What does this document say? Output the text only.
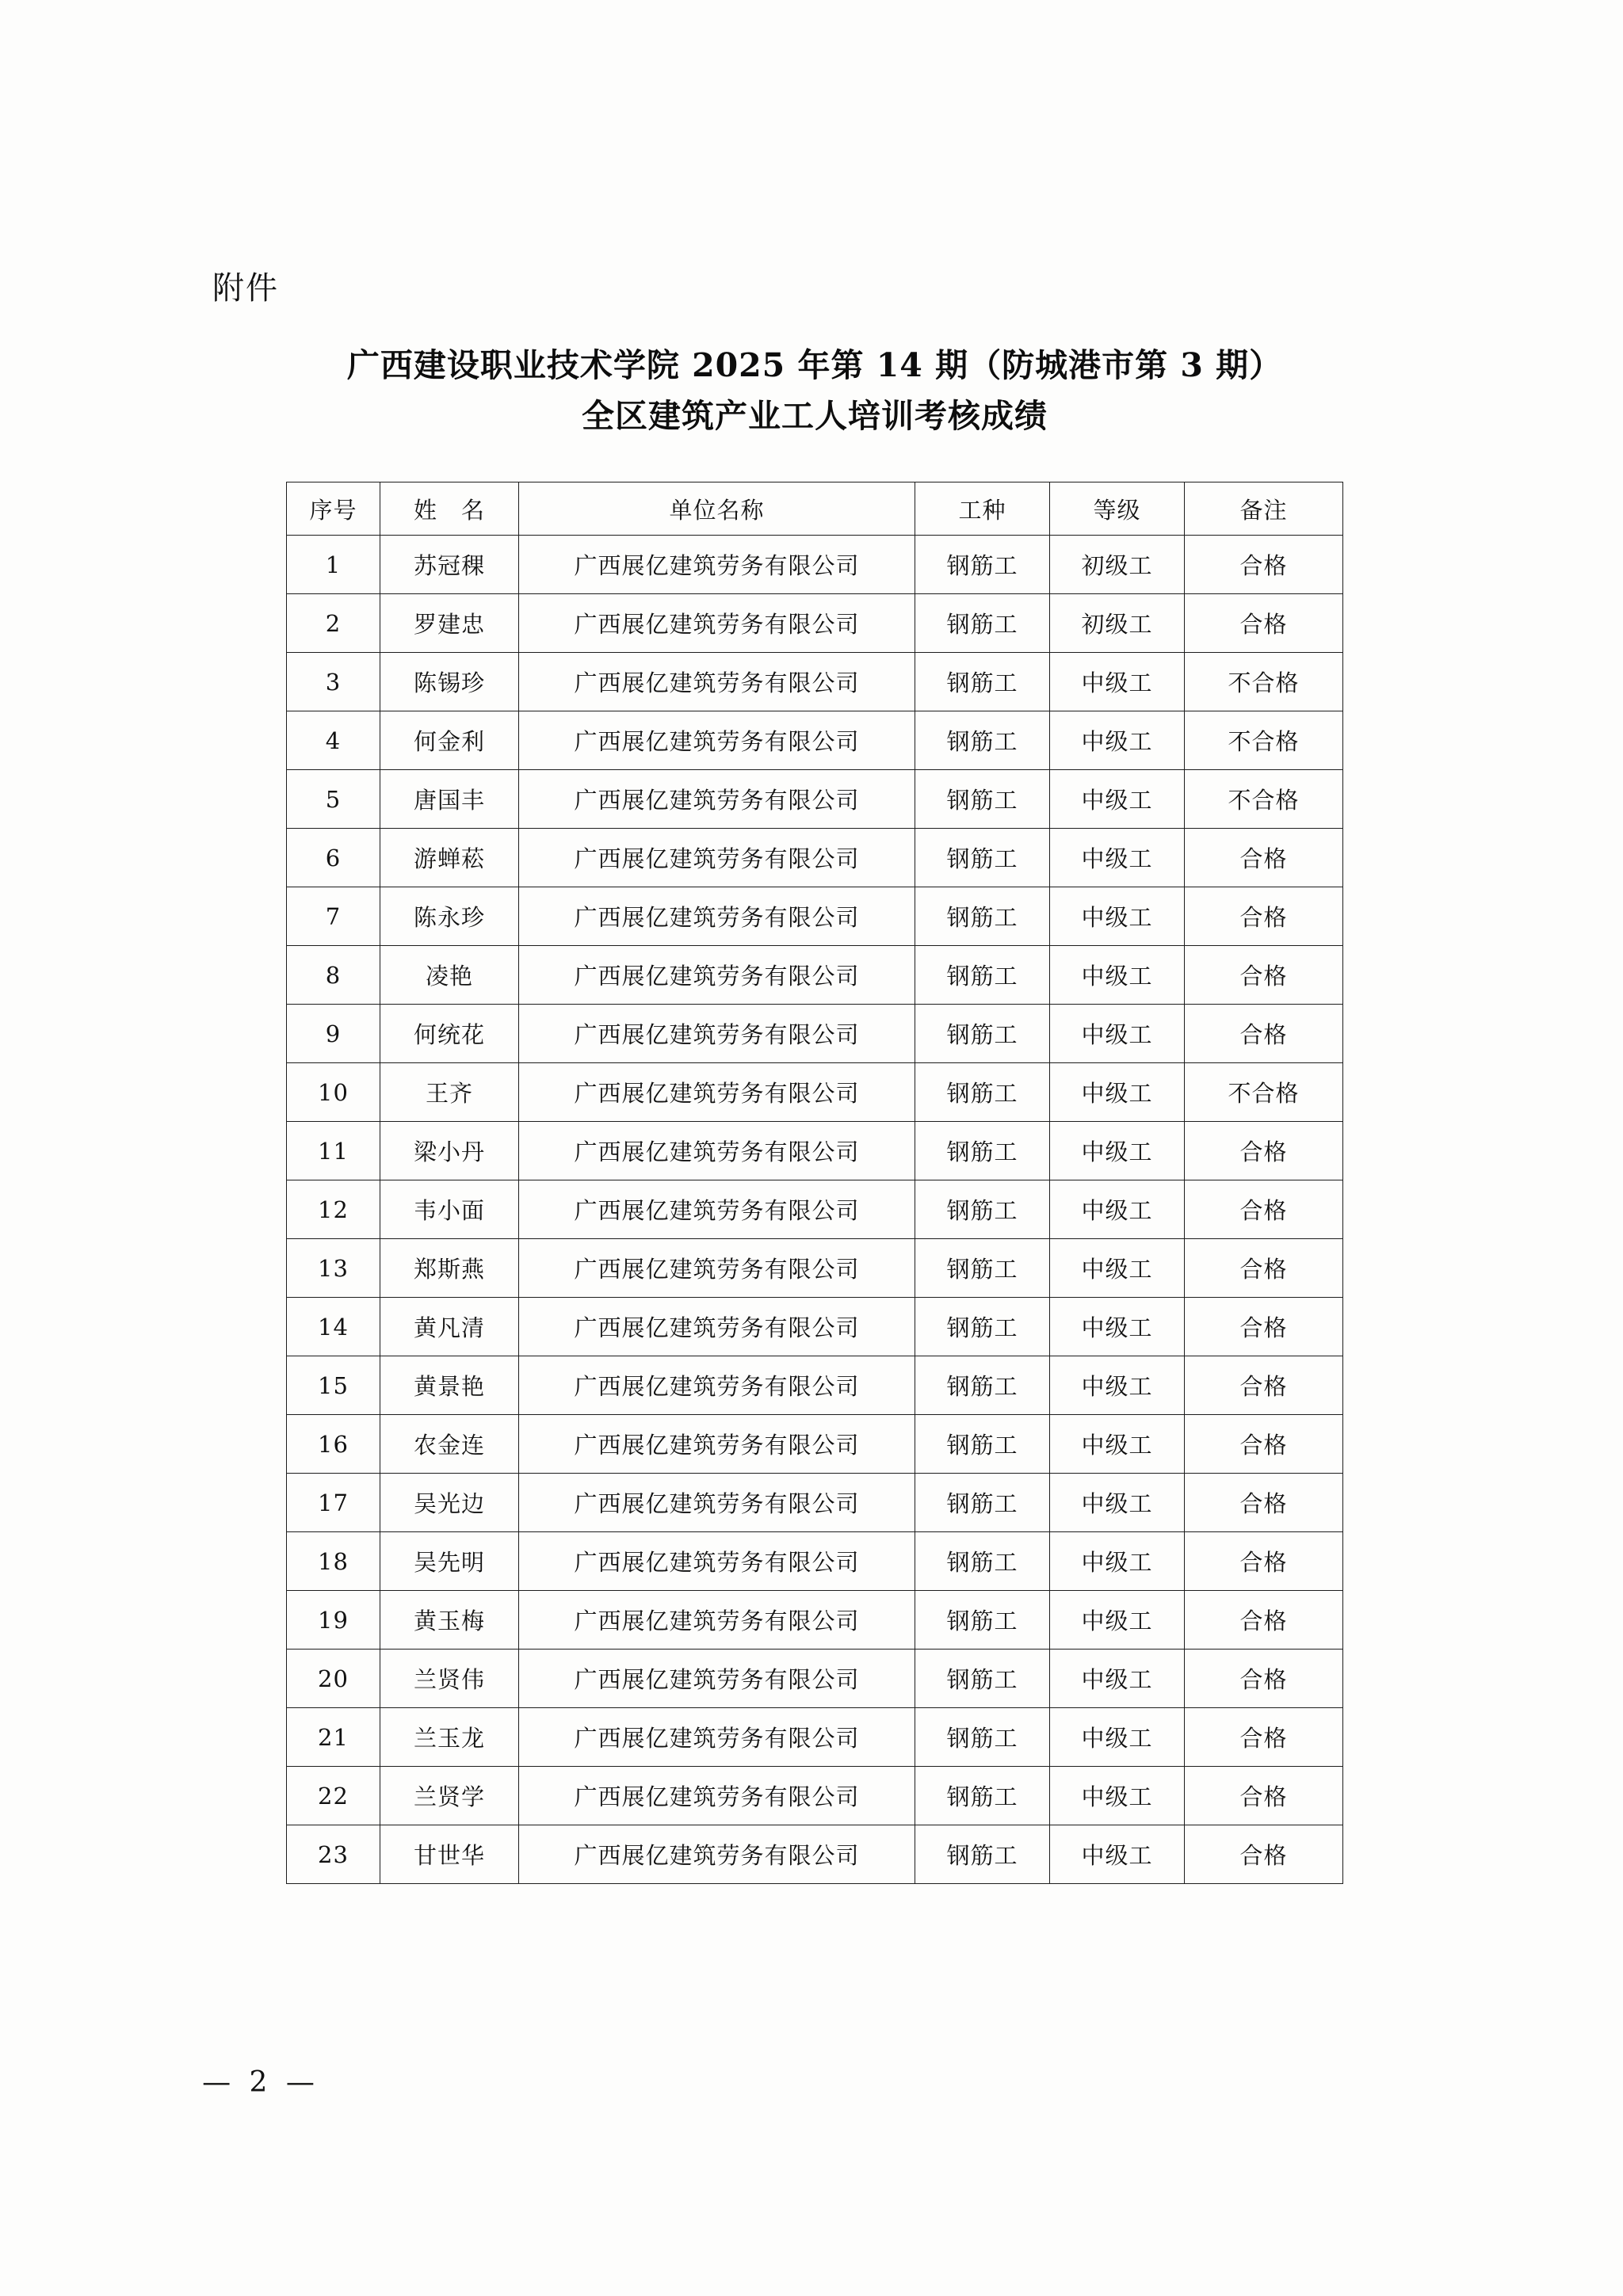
附件
广西建设职业技术学院 2025 年第 14 期（防城港市第 3 期）
全区建筑产业工人培训考核成绩
序号	姓　名	单位名称	工种	等级	备注
1	苏冠稞	广西展亿建筑劳务有限公司	钢筋工	初级工	合格
2	罗建忠	广西展亿建筑劳务有限公司	钢筋工	初级工	合格
3	陈锡珍	广西展亿建筑劳务有限公司	钢筋工	中级工	不合格
4	何金利	广西展亿建筑劳务有限公司	钢筋工	中级工	不合格
5	唐国丰	广西展亿建筑劳务有限公司	钢筋工	中级工	不合格
6	游蝉菘	广西展亿建筑劳务有限公司	钢筋工	中级工	合格
7	陈永珍	广西展亿建筑劳务有限公司	钢筋工	中级工	合格
8	凌艳	广西展亿建筑劳务有限公司	钢筋工	中级工	合格
9	何统花	广西展亿建筑劳务有限公司	钢筋工	中级工	合格
10	王齐	广西展亿建筑劳务有限公司	钢筋工	中级工	不合格
11	梁小丹	广西展亿建筑劳务有限公司	钢筋工	中级工	合格
12	韦小面	广西展亿建筑劳务有限公司	钢筋工	中级工	合格
13	郑斯燕	广西展亿建筑劳务有限公司	钢筋工	中级工	合格
14	黄凡清	广西展亿建筑劳务有限公司	钢筋工	中级工	合格
15	黄景艳	广西展亿建筑劳务有限公司	钢筋工	中级工	合格
16	农金连	广西展亿建筑劳务有限公司	钢筋工	中级工	合格
17	吴光边	广西展亿建筑劳务有限公司	钢筋工	中级工	合格
18	吴先明	广西展亿建筑劳务有限公司	钢筋工	中级工	合格
19	黄玉梅	广西展亿建筑劳务有限公司	钢筋工	中级工	合格
20	兰贤伟	广西展亿建筑劳务有限公司	钢筋工	中级工	合格
21	兰玉龙	广西展亿建筑劳务有限公司	钢筋工	中级工	合格
22	兰贤学	广西展亿建筑劳务有限公司	钢筋工	中级工	合格
23	甘世华	广西展亿建筑劳务有限公司	钢筋工	中级工	合格
— 2 —
